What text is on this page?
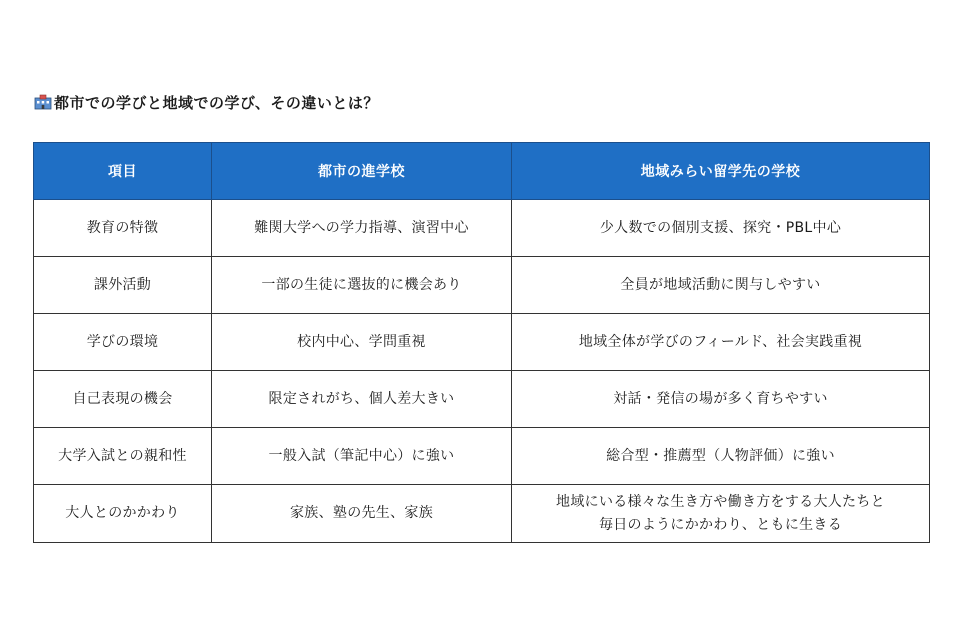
都市での学びと地域での学び、その違いとは？
項目	都市の進学校	地域みらい留学先の学校
教育の特徴	難関大学への学力指導、演習中心	少人数での個別支援、探究・PBL中心

課外活動	一部の生徒に選抜的に機会あり	全員が地域活動に関与しやすい

学びの環境	校内中心、学問重視	地域全体が学びのフィールド、社会実践重視

自己表現の機会	限定されがち、個人差大きい	対話・発信の場が多く育ちやすい

大学入試との親和性	一般入試（筆記中心）に強い	総合型・推薦型（人物評価）に強い

大人とのかかわり	家族、塾の先生、家族	地域にいる様々な生き方や働き方をする大人たちと
毎日のようにかかわり、ともに生きる
